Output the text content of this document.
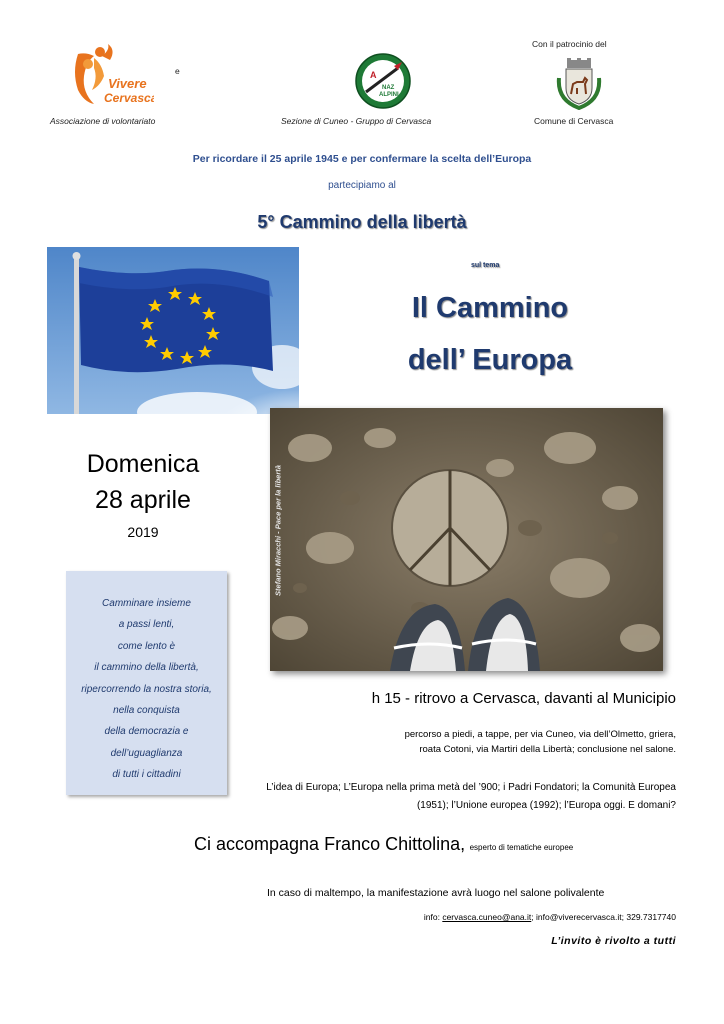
Vivere
Cervasca
Associazione di volontariato
e	A
NAZ
ALPINI
Sezione di Cuneo - Gruppo di Cervasca
Con il patrocinio del
Comune di Cervasca
Per ricordare il 25 aprile 1945 e per confermare la scelta dell’Europa
partecipiamo al
5° Cammino della libertà
sul tema
Il Cammino
dell’ Europa
Stefano Miracchi - Pace per la libertà
Domenica
28 aprile
2019
Camminare insieme
a passi lenti,
come lento è
il cammino della libertà,
ripercorrendo la nostra storia,
nella conquista
della democrazia e
dell’uguaglianza
di tutti i cittadini
h 15 - ritrovo a Cervasca, davanti al Municipio
percorso a piedi, a tappe, per via Cuneo, via dell’Olmetto, griera,
roata Cotoni, via Martiri della Libertà; conclusione nel salone.
L’idea di Europa; L’Europa nella prima metà del ’900; i Padri Fondatori; la Comunità Europea
(1951); l’Unione europea (1992); l’Europa oggi. E domani?
Ci accompagna Franco Chittolina, esperto di tematiche europee
In caso di maltempo, la manifestazione avrà luogo nel salone polivalente
info: cervasca.cuneo@ana.it; info@viverecervasca.it; 329.7317740
L’invito è rivolto a tutti
